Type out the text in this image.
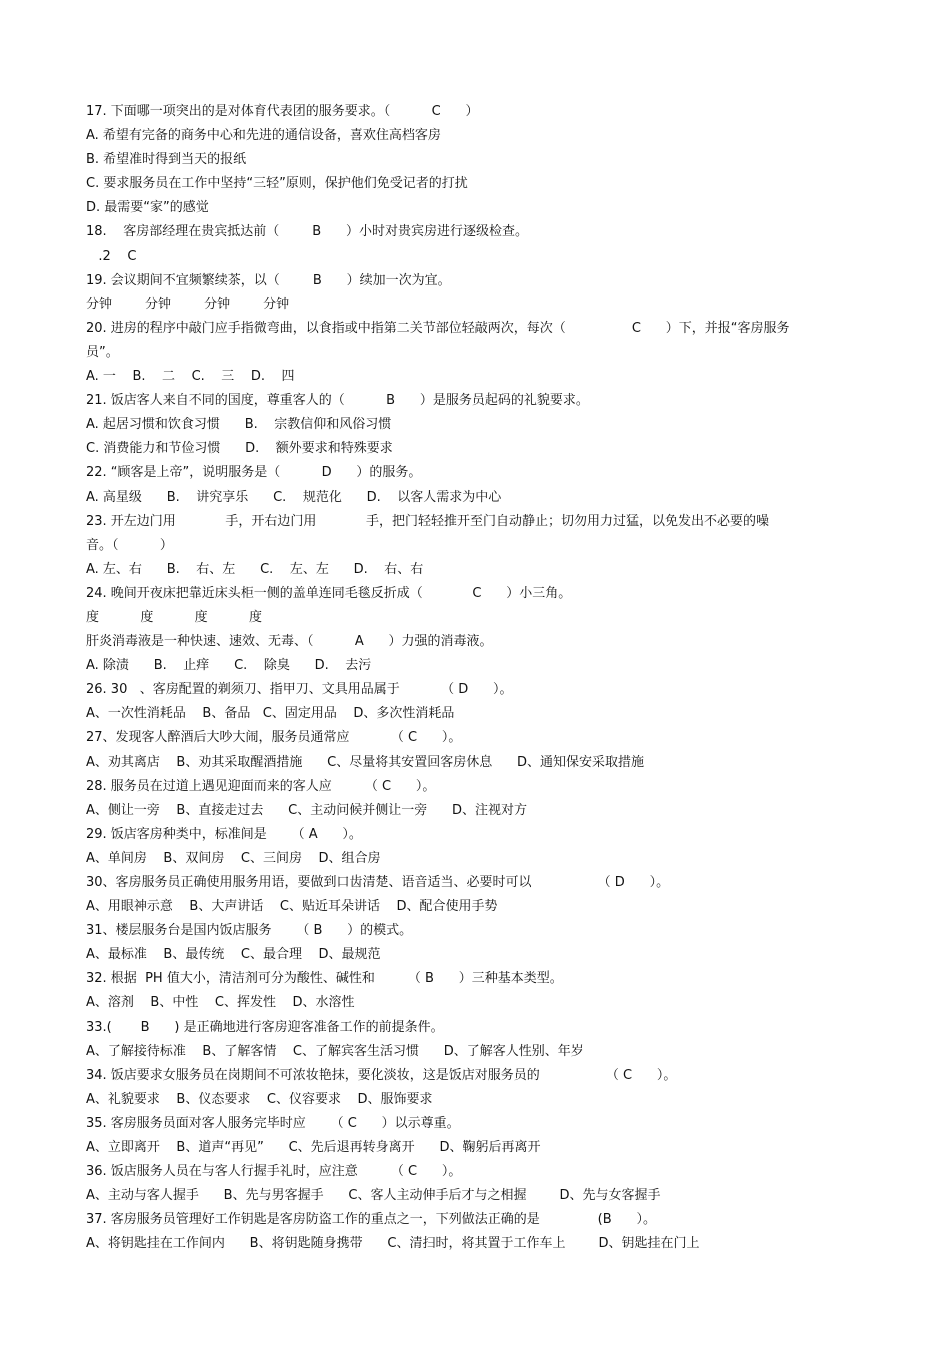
17. 下面哪一项突出的是对体育代表团的服务要求。（          C      ）
A. 希望有完备的商务中心和先进的通信设备，喜欢住高档客房
B. 希望准时得到当天的报纸
C. 要求服务员在工作中坚持“三轻”原则，保护他们免受记者的打扰
D. 最需要“家”的感觉
18.    客房部经理在贵宾抵达前（        B      ）小时对贵宾房进行逐级检查。
.2    C
19. 会议期间不宜频繁续茶，以（        B      ）续加一次为宜。
分钟        分钟        分钟        分钟
20. 进房的程序中敲门应手指微弯曲，以食指或中指第二关节部位轻敲两次，每次（                C      ）下，并报“客房服务
员”。
A. 一    B.    二    C.    三    D.    四
21. 饭店客人来自不同的国度，尊重客人的（          B      ）是服务员起码的礼貌要求。
A. 起居习惯和饮食习惯      B.    宗教信仰和风俗习惯
C. 消费能力和节俭习惯      D.    额外要求和特殊要求
22. “顾客是上帝”，说明服务是（          D      ）的服务。
A. 高星级      B.    讲究享乐      C.    规范化      D.    以客人需求为中心
23. 开左边门用            手，开右边门用            手，把门轻轻推开至门自动静止；切勿用力过猛，以免发出不必要的噪
音。（          ）
A. 左、右      B.    右、左      C.    左、左      D.    右、右
24. 晚间开夜床把靠近床头柜一侧的盖单连同毛毯反折成（            C      ）小三角。
度          度          度          度
肝炎消毒液是一种快速、速效、无毒、（          A      ）力强的消毒液。
A. 除渍      B.    止痒      C.    除臭      D.    去污
26. 30   、客房配置的剃须刀、指甲刀、文具用品属于          （ D      ）。
A、一次性消耗品    B、备品   C、固定用品    D、多次性消耗品
27、发现客人醉酒后大吵大闹，服务员通常应          （ C      ）。
A、劝其离店    B、劝其采取醒酒措施      C、尽量将其安置回客房休息      D、通知保安采取措施
28. 服务员在过道上遇见迎面而来的客人应        （ C      ）。
A、侧让一旁    B、直接走过去      C、主动问候并侧让一旁      D、注视对方
29. 饭店客房种类中，标准间是      （ A      ）。
A、单间房    B、双间房    C、三间房    D、组合房
30、客房服务员正确使用服务用语，要做到口齿清楚、语音适当、必要时可以                （ D      ）。
A、用眼神示意    B、大声讲话    C、贴近耳朵讲话    D、配合使用手势
31、楼层服务台是国内饭店服务      （ B      ）的模式。
A、最标准    B、最传统    C、最合理    D、最规范
32. 根据  PH 值大小，清洁剂可分为酸性、碱性和        （ B      ）三种基本类型。
A、溶剂    B、中性    C、挥发性    D、水溶性
33.(       B      ) 是正确地进行客房迎客准备工作的前提条件。
A、了解接待标准    B、了解客情    C、了解宾客生活习惯      D、了解客人性别、年岁
34. 饭店要求女服务员在岗期间不可浓妆艳抹，要化淡妆，这是饭店对服务员的                （ C      ）。
A、礼貌要求    B、仪态要求    C、仪容要求    D、服饰要求
35. 客房服务员面对客人服务完毕时应      （ C      ）以示尊重。
A、立即离开    B、道声“再见”      C、先后退再转身离开      D、鞠躬后再离开
36. 饭店服务人员在与客人行握手礼时，应注意        （ C      ）。
A、主动与客人握手      B、先与男客握手      C、客人主动伸手后才与之相握        D、先与女客握手
37. 客房服务员管理好工作钥匙是客房防盗工作的重点之一，下列做法正确的是              (B      ）。
A、将钥匙挂在工作间内      B、将钥匙随身携带      C、清扫时，将其置于工作车上        D、钥匙挂在门上
